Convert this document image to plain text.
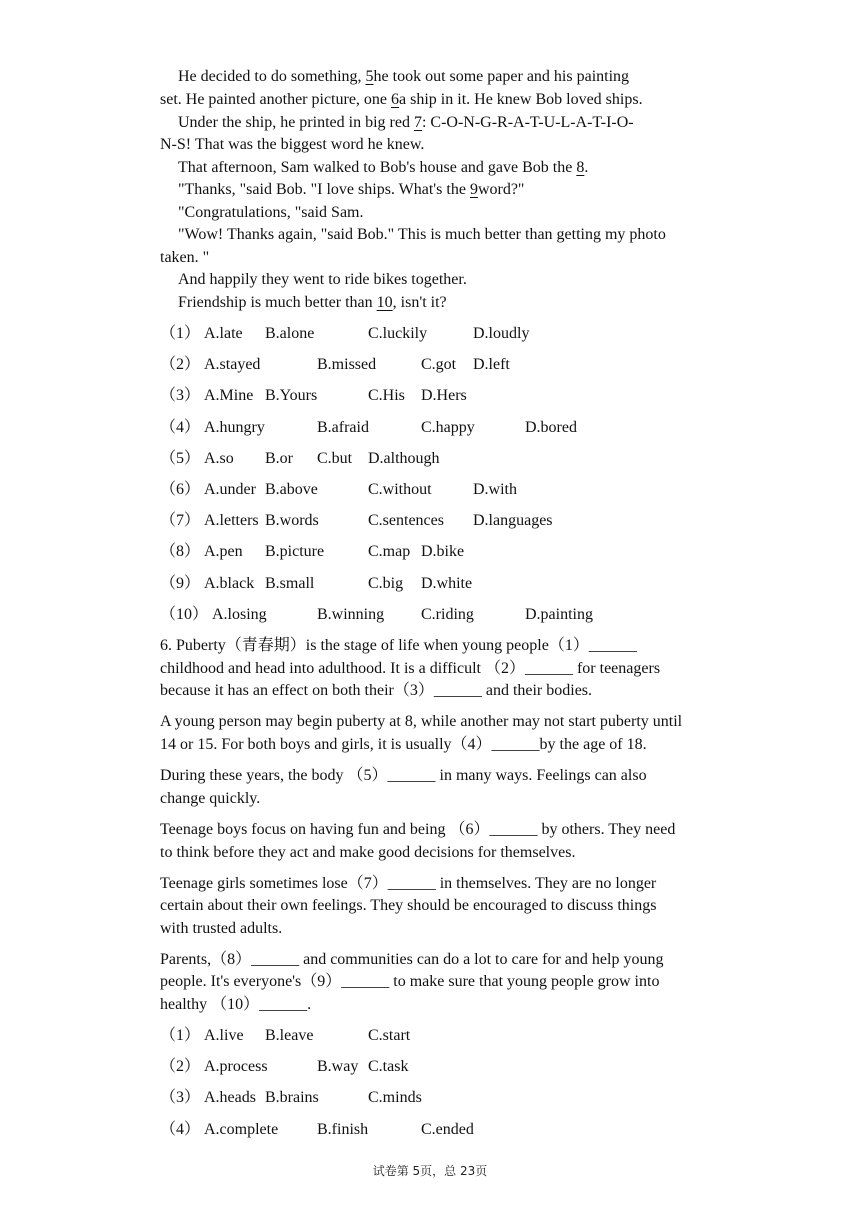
He decided to do something, 5he took out some paper and his painting
set. He painted another picture, one 6a ship in it. He knew Bob loved ships.
Under the ship, he printed in big red 7: C-O-N-G-R-A-T-U-L-A-T-I-O-
N-S! That was the biggest word he knew.
That afternoon, Sam walked to Bob's house and gave Bob the 8.
"Thanks, "said Bob. "I love ships. What's the 9word?"
"Congratulations, "said Sam.
"Wow! Thanks again, "said Bob." This is much better than getting my photo
taken. "
And happily they went to ride bikes together.
Friendship is much better than 10, isn't it?
（1） A.late B.alone	C.luckily	D.loudly
（2） A.stayed	B.missed	C.got D.left
（3） A.Mine B.Yours	C.His D.Hers
（4） A.hungry	B.afraid	C.happy	D.bored
（5） A.so B.or C.but D.although
（6） A.under B.above	C.without	D.with
（7） A.letters B.words	C.sentences D.languages
（8） A.pen B.picture	C.map D.bike
（9） A.black B.small	C.big D.white
（10） A.losing	B.winning C.riding	D.painting
6. Puberty（青春期）is the stage of life when young people（1）______
childhood and head into adulthood. It is a difficult （2）______ for teenagers
because it has an effect on both their（3）______ and their bodies.
A young person may begin puberty at 8, while another may not start puberty until
14 or 15. For both boys and girls, it is usually（4）______by the age of 18.
During these years, the body （5）______ in many ways. Feelings can also
change quickly.
Teenage boys focus on having fun and being （6）______ by others. They need
to think before they act and make good decisions for themselves.
Teenage girls sometimes lose（7）______ in themselves. They are no longer
certain about their own feelings. They should be encouraged to discuss things
with trusted adults.
Parents,（8）______ and communities can do a lot to care for and help young
people. It's everyone's（9）______ to make sure that young people grow into
healthy （10）______.
（1） A.live B.leave	C.start
（2） A.process	B.way C.task
（3） A.heads B.brains	C.minds
（4） A.complete B.finish	C.ended
试卷第 5页，总 23页
